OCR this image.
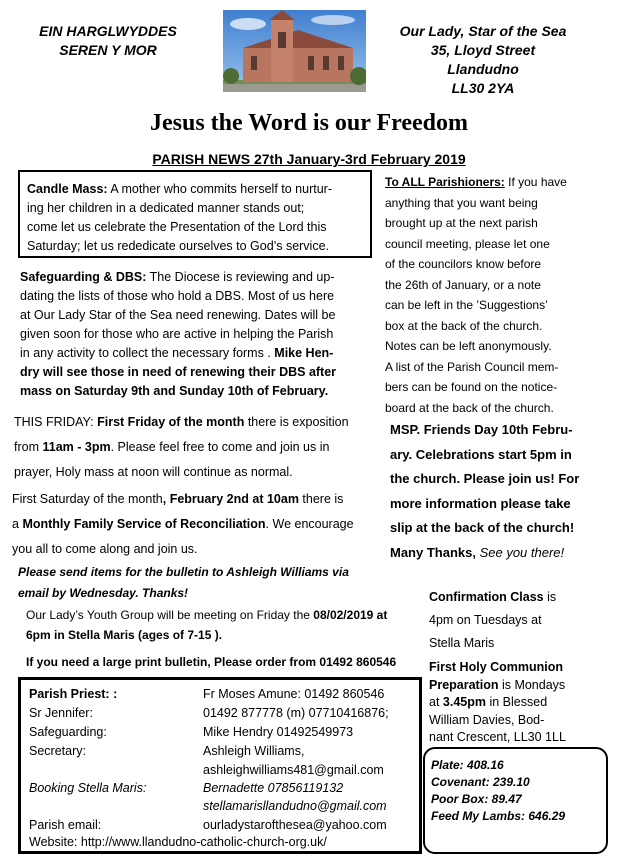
EIN HARGLWYDDES
SEREN Y MOR
Our Lady, Star of the Sea
35, Lloyd Street
Llandudno
LL30 2YA
Jesus the Word is our Freedom
PARISH NEWS 27th January-3rd February 2019
Candle Mass: A mother who commits herself to nurtur-
ing her children in a dedicated manner stands out;
come let us celebrate the Presentation of the Lord this
Saturday; let us rededicate ourselves to God’s service.
Safeguarding & DBS: The Diocese is reviewing and up-
dating the lists of those who hold a DBS. Most of us here
at Our Lady Star of the Sea need renewing. Dates will be
given soon for those who are active in helping the Parish
in any activity to collect the necessary forms . Mike Hen-
dry will see those in need of renewing their DBS after
mass on Saturday 9th and Sunday 10th of February.
THIS FRIDAY: First Friday of the month there is exposition
from 11am - 3pm. Please feel free to come and join us in
prayer, Holy mass at noon will continue as normal.
First Saturday of the month, February 2nd at 10am there is
a Monthly Family Service of Reconciliation. We encourage
you all to come along and join us.
Please send items for the bulletin to Ashleigh Williams via
email by Wednesday. Thanks!
Our Lady’s Youth Group will be meeting on Friday the 08/02/2019 at
6pm in Stella Maris (ages of 7-15 ).
If you need a large print bulletin, Please order from 01492 860546
Parish Priest: :	Fr Moses Amune: 01492 860546
Sr Jennifer:	01492 877778 (m) 07710416876;
Safeguarding:	Mike Hendry 01492549973
Secretary:	Ashleigh Williams,
ashleighwilliams481@gmail.com
Booking Stella Maris:	Bernadette 07856119132
stellamarisllandudno@gmail.com
Parish email:	ourladystarofthesea@yahoo.com
Website: http://www.llandudno-catholic-church-org.uk/
To ALL Parishioners: If you have
anything that you want being
brought up at the next parish
council meeting, please let one
of the councilors know before
the 26th of January, or a note
can be left in the ’Suggestions’
box at the back of the church.
Notes can be left anonymously.
A list of the Parish Council mem-
bers can be found on the notice-
board at the back of the church.
MSP. Friends Day 10th Febru-
ary. Celebrations start 5pm in
the church. Please join us! For
more information please take
slip at the back of the church!
Many Thanks, See you there!
Confirmation Class is
4pm on Tuesdays at
Stella Maris
First Holy Communion
Preparation is Mondays
at 3.45pm in Blessed
William Davies, Bod-
nant Crescent, LL30 1LL
Plate: 408.16
Covenant: 239.10
Poor Box: 89.47
Feed My Lambs: 646.29
